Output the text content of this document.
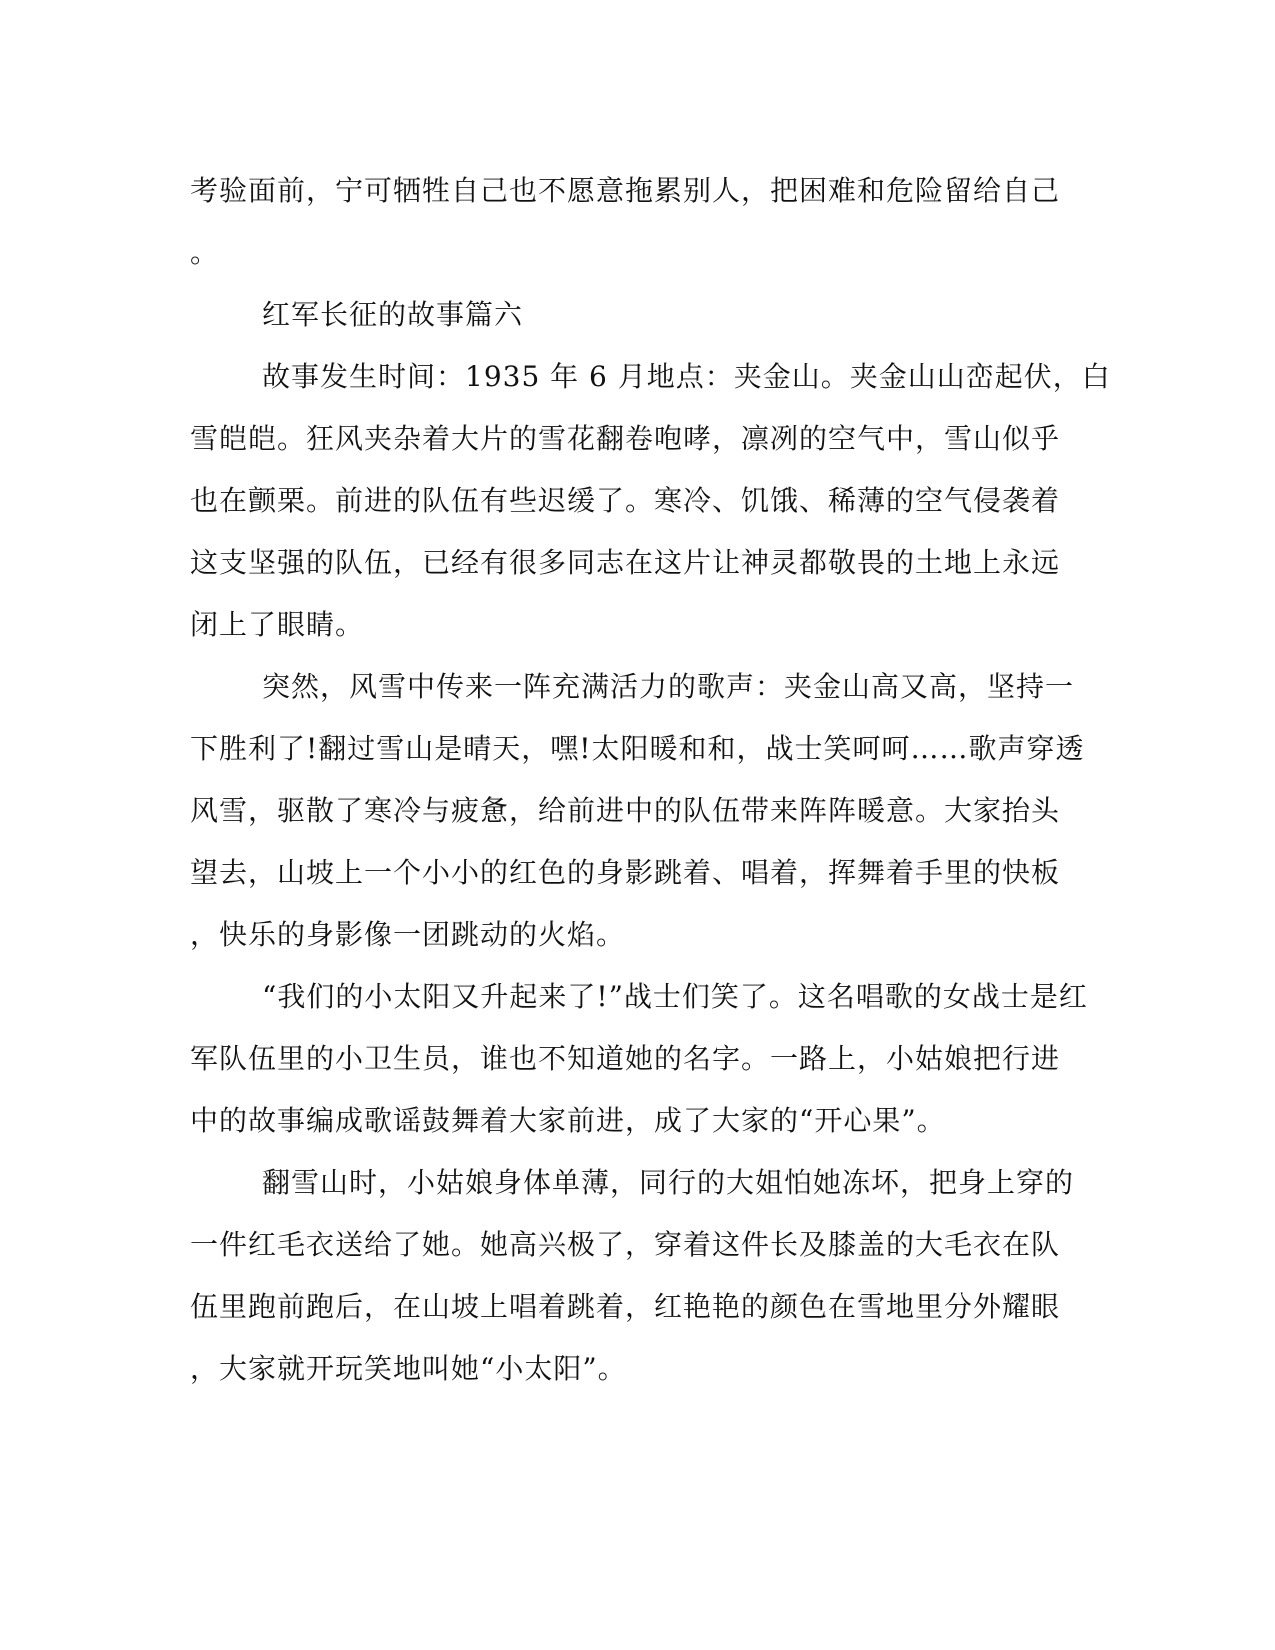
考验面前，宁可牺牲自己也不愿意拖累别人，把困难和危险留给自己
。
红军长征的故事篇六
故事发生时间：1935 年 6 月地点：夹金山。夹金山山峦起伏，白
雪皑皑。狂风夹杂着大片的雪花翻卷咆哮，凛冽的空气中，雪山似乎
也在颤栗。前进的队伍有些迟缓了。寒冷、饥饿、稀薄的空气侵袭着
这支坚强的队伍，已经有很多同志在这片让神灵都敬畏的土地上永远
闭上了眼睛。
突然，风雪中传来一阵充满活力的歌声：夹金山高又高，坚持一
下胜利了!翻过雪山是晴天，嘿!太阳暖和和，战士笑呵呵……歌声穿透
风雪，驱散了寒冷与疲惫，给前进中的队伍带来阵阵暖意。大家抬头
望去，山坡上一个小小的红色的身影跳着、唱着，挥舞着手里的快板
，快乐的身影像一团跳动的火焰。
“我们的小太阳又升起来了!”战士们笑了。这名唱歌的女战士是红
军队伍里的小卫生员，谁也不知道她的名字。一路上，小姑娘把行进
中的故事编成歌谣鼓舞着大家前进，成了大家的“开心果”。
翻雪山时，小姑娘身体单薄，同行的大姐怕她冻坏，把身上穿的
一件红毛衣送给了她。她高兴极了，穿着这件长及膝盖的大毛衣在队
伍里跑前跑后，在山坡上唱着跳着，红艳艳的颜色在雪地里分外耀眼
，大家就开玩笑地叫她“小太阳”。
